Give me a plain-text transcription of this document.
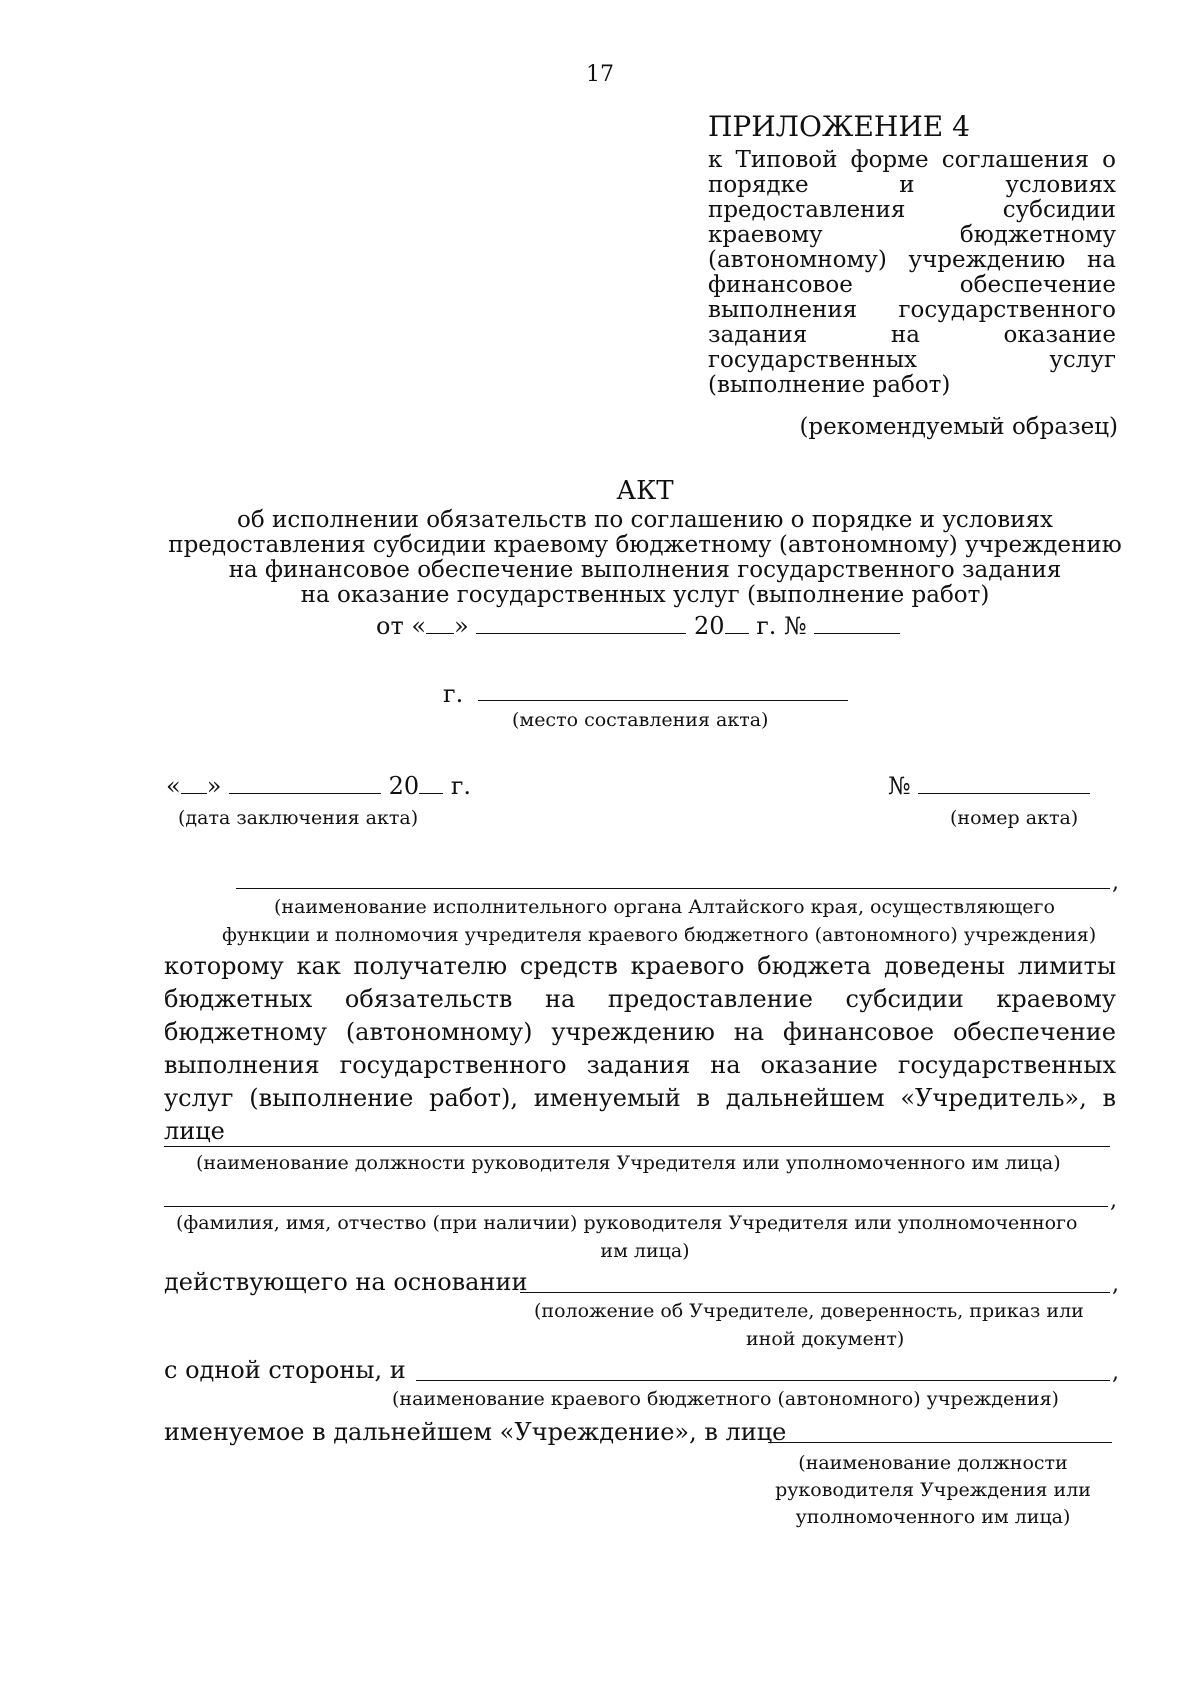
17
ПРИЛОЖЕНИЕ 4
к Типовой форме соглашения о порядке и условиях предоставления субсидии краевому бюджетному (автономному) учреждению на финансовое обеспечение выполнения государственного задания на оказание государственных услуг (выполнение работ)
(рекомендуемый образец)
АКТ
об исполнении обязательств по соглашению о порядке и условиях
предоставления субсидии краевому бюджетному (автономному) учреждению
на финансовое обеспечение выполнения государственного задания
на оказание государственных услуг (выполнение работ)
от « »	20 г. №
г.
(место составления акта)
« »	20 г.
(дата заключения акта)
№
(номер акта)
,
(наименование исполнительного органа Алтайского края, осуществляющего
функции и полномочия учредителя краевого бюджетного (автономного) учреждения)
которому как получателю средств краевого бюджета доведены лимиты бюджетных обязательств на предоставление субсидии краевому бюджетному (автономному) учреждению на финансовое обеспечение выполнения государственного задания на оказание государственных услуг (выполнение работ), именуемый в дальнейшем «Учредитель», в лице
(наименование должности руководителя Учредителя или уполномоченного им лица)
,
(фамилия, имя, отчество (при наличии) руководителя Учредителя или уполномоченного
им лица)
действующего на основании	,
(положение об Учредителе, доверенность, приказ или
иной документ)
с одной стороны, и	,
(наименование краевого бюджетного (автономного) учреждения)
именуемое в дальнейшем «Учреждение», в лице
(наименование должности
руководителя Учреждения или
уполномоченного им лица)
